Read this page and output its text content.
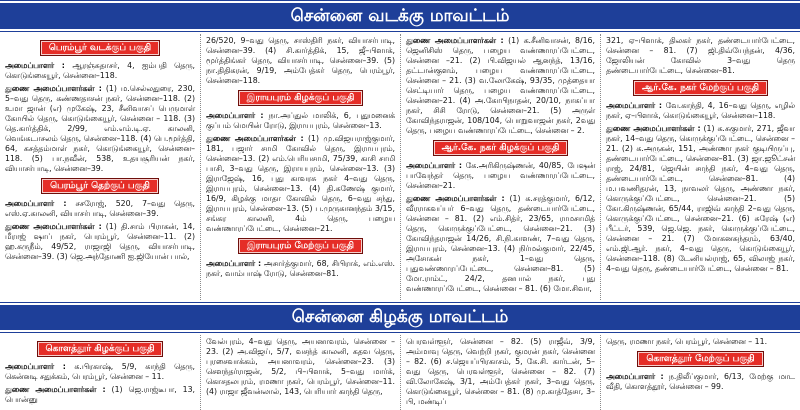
சென்னை வடக்கு மாவட்டம்
பெரம்பூர் வடக்குப் பகுதி

அமைப்பாளர் : ஆரஞ்சுதாசர், 4, ஐம்பதி தெரு, கொடுங்கையூர், சென்னை–118.

துணை அமைப்பாளர்கள் : (1) ம.செல்லதுரை, 230, 5–வது தெரு, கண்ணதாசன் நகர், சென்னை–118. (2) உமா ஜான் (எ) முகேஷ், 23, சீனிவாசப் பெருமாள் கோயில் தெரு, கொடுங்கையூர், சென்னை – 118. (3) தெ.கார்த்திக், 2/99, எம்.எம்.டி.ஏ. காலனி, வெங்கடாசலம் தெரு, சென்னை–118. (4) பெ.மூர்த்தி, 64, கசத்தம்மாள் நகர், கொடுங்கையூர், சென்னை–118. (5) பா.நவீன், 538, உதயசூரியன் நகர், வியாசர்பாடி, சென்னை–39.

பெரம்பூர் தெற்குப் பகுதி

அமைப்பாளர் : சசரோஜ், 520, 7–வது தெரு, எஸ்.ஏ.காலனி, வியாசர்பாடி, சென்னை–39.

துணை அமைப்பாளர்கள் : (1) தி.சாம் பிராகன், 14, மீராஜ் ஷாப் நகர், பெரம்பூர், சென்னை–11. (2) ஹ.கருநீம், 49/52, ராஜாஜி தெரு, வியாசர்பாடி, சென்னை–39. (3) ஜெ.அந்தோணி ஐ.ஜியோன் பால்,

26/520, 9–வது தெரு, சாஸ்திரி நகர், வியாசர்பாடி, சென்னை–39. (4) சி.கார்த்திக், 15, ஜீ–பிளாக், மூர்த்திங்கர் தெரு, வியாசர்பாடி, சென்னை–39. (5) நா.திதிகரன், 9/19, அம்பேத்கர் தெரு, பெரம்பூர், சென்னை–118.

இராயபுரம் கிழக்குப் பகுதி

அமைப்பாளர் : நா.அப்துல் மாலிக், 6, புதுமனைக் குப்பம் மெயின் ரோடு, இராயபுரம், சென்னை–13.

துணை அமைப்பாளர்கள் : (1) மு.விஜயராஜ்குமார், 181, பஜார் சாமி கோவில் தெரு, இராயபுரம், சென்னை–13. (2) எம்.பெரியசாமி, 75/39, காசி சாமி பாசி, 3–வது தெரு, இராயபுரம், சென்னை–13. (3) இராஜேஷ், 16, புது காவரசு நகர் 4–வது தெரு, இராயபுரம், சென்னை–13. (4) தி.கணேஷ் குமார், 16/9, கிழக்கு மாதா கோவில் தெரு, 6–வது சந்து, இராயபுரம், சென்னை–13. (5) ப.முருகானந்தம் 3/15, சங்கர காலனி, 4ம் தெரு, பழைய வண்ணாரப்பேட்டை, சென்னை–21.

இராயபுரம் மேற்குப் பகுதி

அமைப்பாளர் : அசார்த்குமார், 68, சிபிராக், எம்.எஸ். நகர், வாம்பாஷ் ரோடு, சென்னை–81.

துணை அமைப்பாளர்கள் : (1) க.சீனிவாசன், 8/16, ஜெனிசிஸ் தெரு, பழைய வண்ணாரப்பேட்டை, சென்னை –21. (2) பி.விஜயல் ஆனந்த், 13/16, தட்டான்குளம், பழைய வண்ணாரப்பேட்டை, சென்னை – 21. (3) வ.லோகேஷ், 93/35, முத்தையா செட்டியார் தெரு, பழைய வண்ணாரப்பேட்டை, சென்னை–21. (4) அ.கோபிநாதன், 20/10, நாகப்பா நகர், சிசி ரோடு, சென்னை–21. (5) அருள் கோவிந்தராஜன், 108/104, பொறுவாஜன் நகர், 2வது தெரு, பழைய வண்ணாரப்பேட்டை, சென்னை – 2.

ஆர்.கே. நகர் கிழக்குப் பகுதி

அமைப்பாளர் : கே.அரிகிருஷ்ணன், 40/85, பேஷன் பாவேந்தர் தெரு, பழைய வண்ணாரப்பேட்டை, சென்னை–21.

துணை அமைப்பாளர்கள் : (1) க.சரத்குமார், 6/12, வீரராகவப்பர் 6–வது தெரு, தண்டையார்பேட்டை, சென்னை – 81. (2) எம்.சித்ர், 23/65, ராமசாமித் தெரு, கொருக்குப்பேட்டை, சென்னை–21. (3) கோவிந்தராஜன் 14/26, சி.நி.காளண், 7–வது தெரு, இராயபுரம், சென்னை–13. (4) நிர்மல்குமார், 22/45, அசோகன் நகர், 1–வது தெரு, புதுவண்ணாரப்பேட்டை, சென்னை–81. (5) மோ.ராம்ட், 24/2, தனபால் நகர், புது வண்ணாரப்பேட்டை, சென்னை – 81. (6) மோ.சிவா,

321, ஏ–பிளாக், திலகர் நகர், தண்டையார்பேட்டை, சென்னை – 81. (7) ஜி.திவ்யேந்தன், 4/36, ஜோலியன் கோவில் 3–வது தெரு தண்டையார்பேட்டை, சென்னை–81.

ஆர்.கே. நகர் மேற்குப் பகுதி

அமைப்பாளர் : வே.காந்தி, 4, 16–வது தெரு, எழில் நகர், ஏ–பிளாக், கொடுங்கையூர், சென்னை–118.

துணை அமைப்பாளர்கள் : (1) க.சுகுமார், 271, ஜீவா நகர், 14–வது தெரு, கொருக்குப்பேட்டை, சென்னை – 21. (2) க.அருகன், 151, அண்ணா நகர் குடியிருப்பு, தண்டையார்பேட்டை, சென்னை–81. (3) ஜா.ஜூட்சன் ராஜ், 24/81, ஜெயின் சாந்தி நகர், 4–வது தெரு, தண்டையார்பேட்டை, சென்னை–81. (4) ம.பவணிதரன், 13, நாவலர் தெரு, அண்ணா நகர், கொருக்குப்பேட்டை, சென்னை–21. (5) கோ.கிருஷ்ணன், 65/44, ராஜிவ் காந்தி 2–வது தெரு, கொருக்குப்பேட்டை, சென்னை–21. (6) சுரேஷ் (எ) பீட்டர், 539, ஜெ.ஜெ. நகர், கொருக்குப்பேட்டை, சென்னை – 21. (7) மோகனசுந்தரம், 63/40, எம்.ஜி.ஆர். நகர், 4–வது தெரு, கொடுங்கையூர், சென்னை–118. (8) டேனியல்ராஜ், 65, விலாஜ் நகர், 4–வது தெரு, தண்டையார்பேட்டை, சென்னை – 81.

சென்னை கிழக்கு மாவட்டம்
கொளத்தூர் கிழக்குப் பகுதி

அமைப்பாளர் : க.பிரகாஷ், 5/9, காந்தி தெரு, கென்னடி சதுக்கம், பெரம்பூர், சென்னை – 11.

துணை அமைப்பாளர்கள் : (1) ஜெ.ராஜ்டீபா, 13, பொன்னு

வேல்புரம், 4–வது தெரு, அயனாவரம், சென்னை – 23. (2) அ.விஜய், 5/7, வசந்த் காலனி, கதவ தெரு, புரசைவாக்கம், அயனாவரம், சென்னை–23. (3) சௌந்தர்ராஜன், 5/2, பி–பிளாக், 5–வது மார்க், கொசதலபுரம், ரமணா நகர், பெரம்பூர், சென்னை–11. (4) ராஜா ஜீவன்லால், 143, பெரியார் காந்தி தெரு,

பெரவள்ளூர், சென்னை – 82. (5) ராஜீவ், 3/9, அம்மாவு தெரு, வெற்றி நகர், குமரன் நகர், சென்னை – 82. (6) ச.ஜெயப்பிரகாசம், 5, கே.சி. கார்டன், 5–வது தெரு, பெரவள்ளூர், சென்னை – 82. (7) வி.லோகேஷ், 3/1, அம்பேத்கர் நகர், 3–வது தெரு, கொடுங்கையூர், சென்னை – 81. (8) மு.காத்தேசா, 3–பி, மண்டிப்

தெரு, ரமணா நகர், பெரம்பூர், சென்னை – 11.

கொளத்தூர் மேற்குப் பகுதி

அமைப்பாளர் : ந.திலீப்குமார், 6/13, மேற்கு மாட வீதி, கொளத்தூர், சென்னை – 99.
